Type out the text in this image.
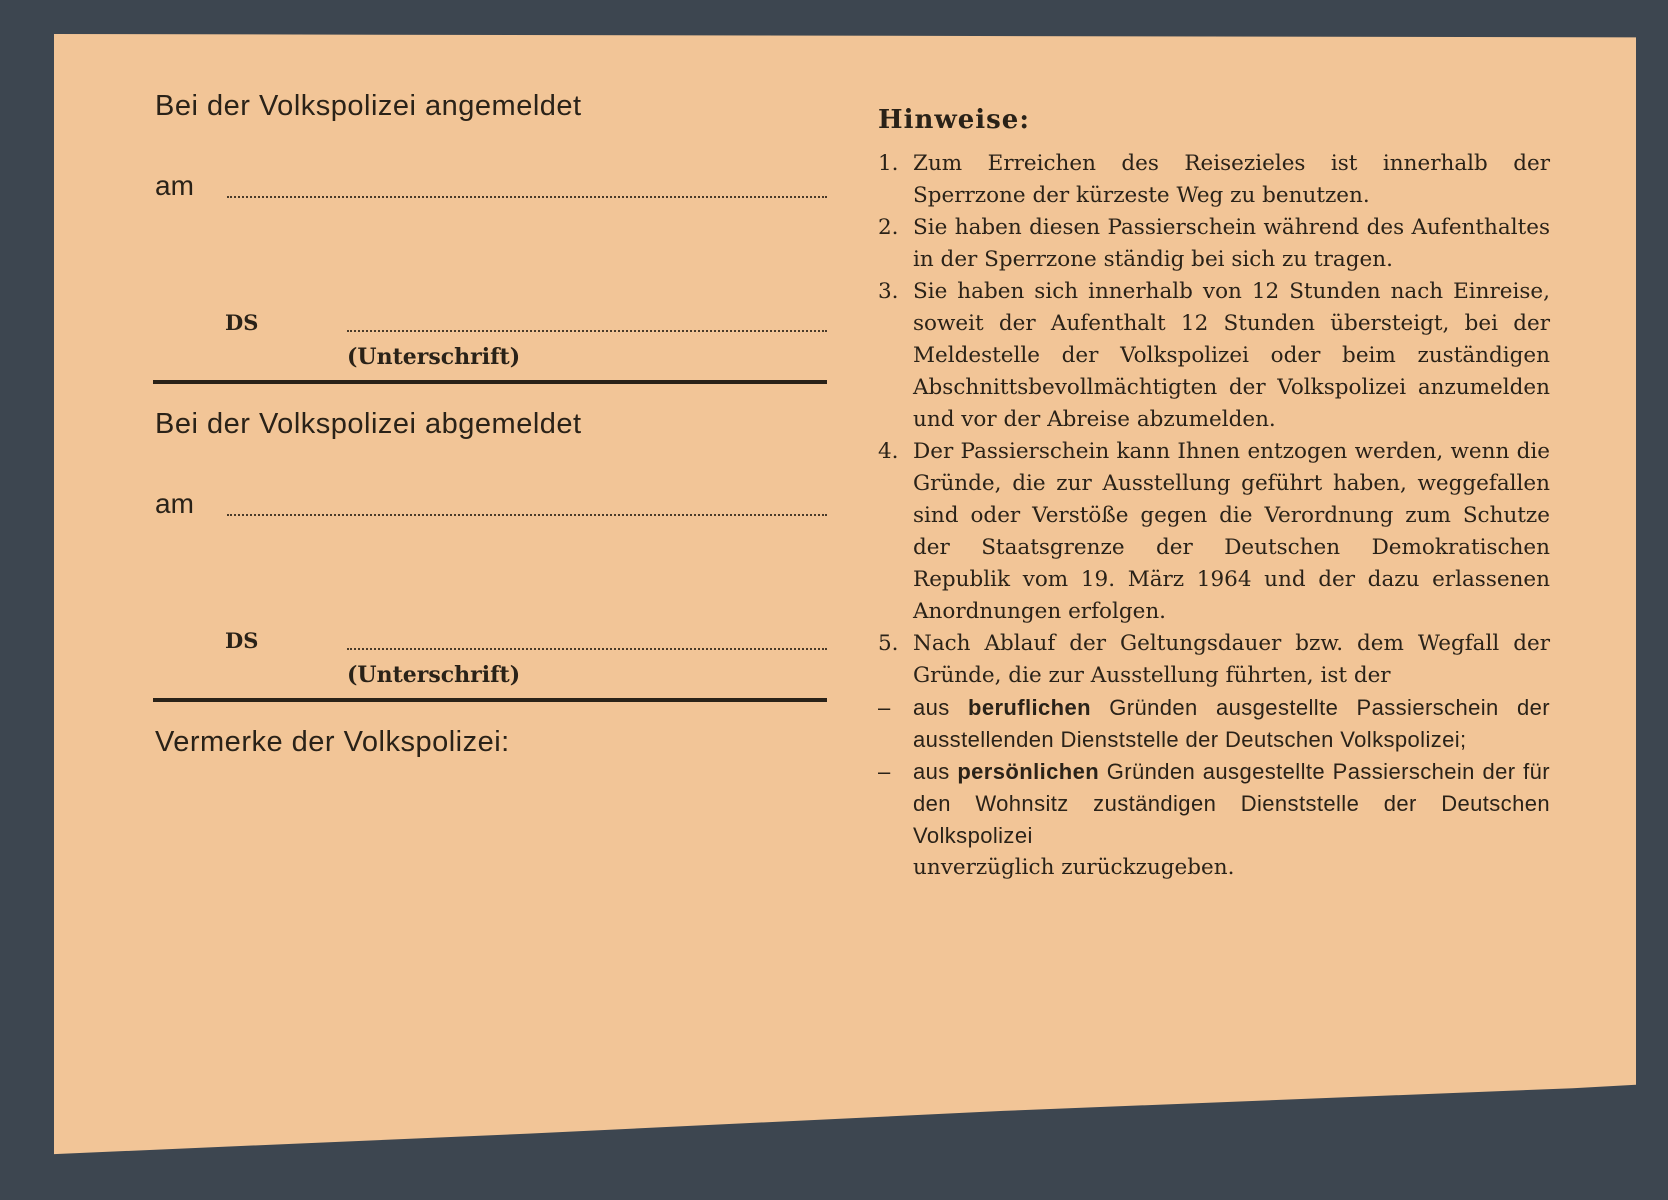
Bei der Volkspolizei angemeldet
am
DS
(Unterschrift)
Bei der Volkspolizei abgemeldet
am
DS
(Unterschrift)
Vermerke der Volkspolizei:
Hinweise:
1. Zum Erreichen des Reisezieles ist innerhalb der Sperrzone der kürzeste Weg zu benutzen.
2. Sie haben diesen Passierschein während des Aufenthaltes in der Sperrzone ständig bei sich zu tragen.
3. Sie haben sich innerhalb von 12 Stunden nach Einreise, soweit der Aufenthalt 12 Stunden übersteigt, bei der Meldestelle der Volkspolizei oder beim zuständigen Abschnittsbevollmächtigten der Volkspolizei anzumelden und vor der Abreise abzumelden.
4. Der Passierschein kann Ihnen entzogen werden, wenn die Gründe, die zur Ausstellung geführt haben, weggefallen sind oder Verstöße gegen die Verordnung zum Schutze der Staatsgrenze der Deutschen Demokratischen Republik vom 19. März 1964 und der dazu erlassenen Anordnungen erfolgen.
5. Nach Ablauf der Geltungsdauer bzw. dem Wegfall der Gründe, die zur Ausstellung führten, ist der
– aus beruflichen Gründen ausgestellte Passierschein der ausstellenden Dienststelle der Deutschen Volkspolizei;
– aus persönlichen Gründen ausgestellte Passierschein der für den Wohnsitz zuständigen Dienststelle der Deutschen Volkspolizei
unverzüglich zurückzugeben.
